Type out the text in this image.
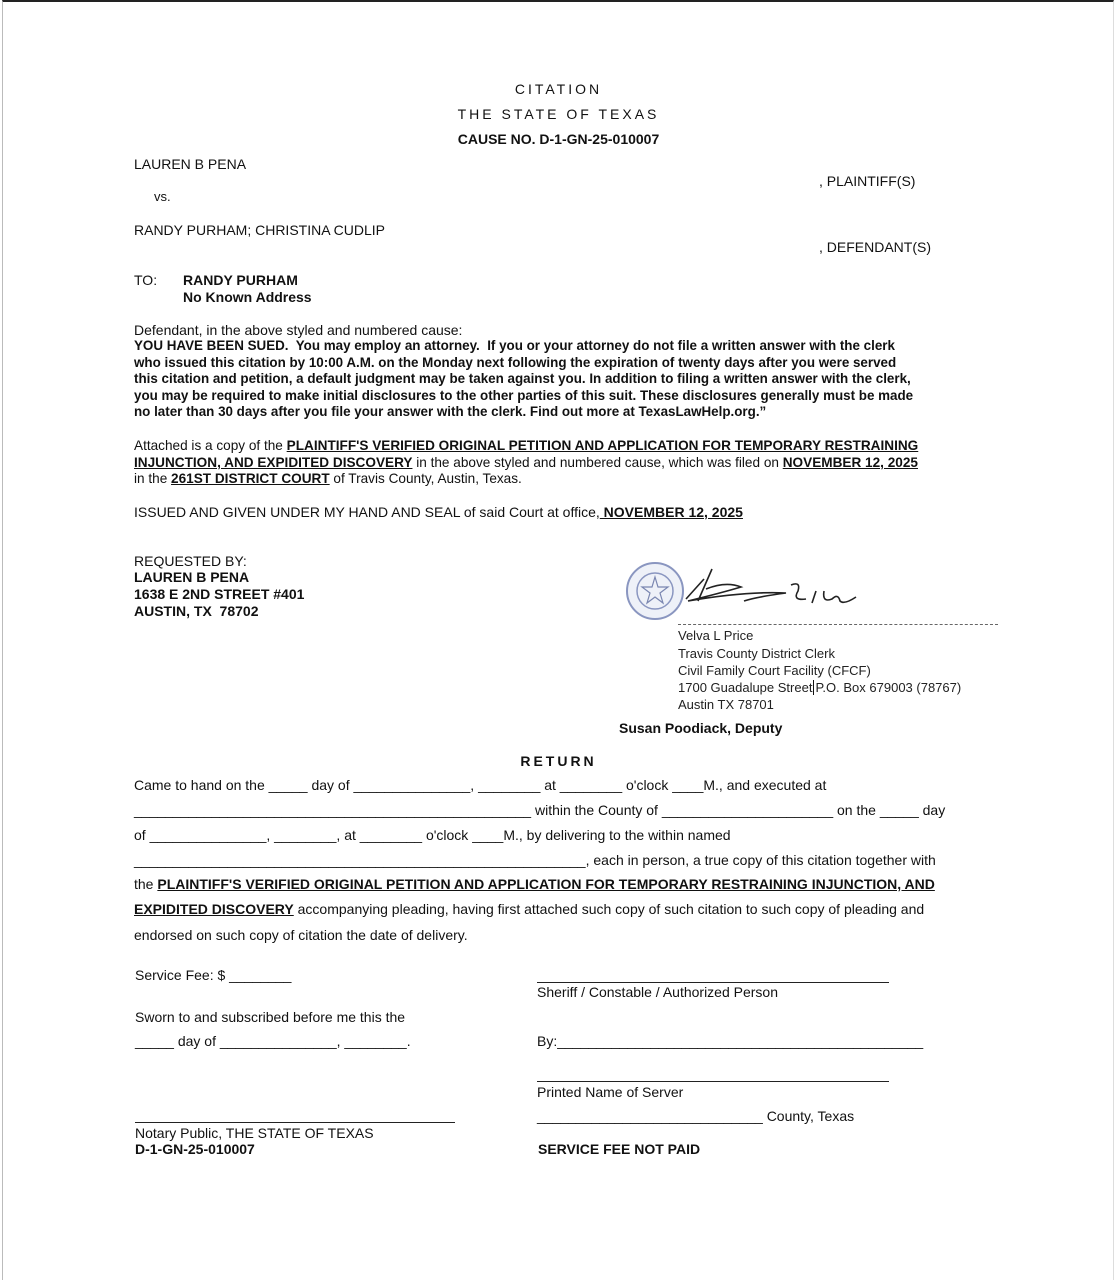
CITATION
THE STATE OF TEXAS
CAUSE NO. D-1-GN-25-010007
LAUREN B PENA
, PLAINTIFF(S)
vs.
RANDY PURHAM; CHRISTINA CUDLIP
, DEFENDANT(S)
TO: RANDY PURHAM
No Known Address
Defendant, in the above styled and numbered cause:
YOU HAVE BEEN SUED.  You may employ an attorney.  If you or your attorney do not file a written answer with the clerk
who issued this citation by 10:00 A.M. on the Monday next following the expiration of twenty days after you were served
this citation and petition, a default judgment may be taken against you. In addition to filing a written answer with the clerk,
you may be required to make initial disclosures to the other parties of this suit. These disclosures generally must be made
no later than 30 days after you file your answer with the clerk. Find out more at TexasLawHelp.org.”
Attached is a copy of the PLAINTIFF'S VERIFIED ORIGINAL PETITION AND APPLICATION FOR TEMPORARY RESTRAINING
INJUNCTION, AND EXPIDITED DISCOVERY in the above styled and numbered cause, which was filed on NOVEMBER 12, 2025
in the 261ST DISTRICT COURT of Travis County, Austin, Texas.
ISSUED AND GIVEN UNDER MY HAND AND SEAL of said Court at office, NOVEMBER 12, 2025
REQUESTED BY:
LAUREN B PENA
1638 E 2ND STREET #401
AUSTIN, TX  78702
Velva L Price
Travis County District Clerk
Civil Family Court Facility (CFCF)
1700 Guadalupe Street P.O. Box 679003 (78767)
Austin TX 78701
Susan Poodiack, Deputy
RETURN
Came to hand on the _____ day of _______________, ________ at ________ o'clock ____M., and executed at
___________________________________________________ within the County of ______________________ on the _____ day
of _______________, ________, at ________ o'clock ____M., by delivering to the within named
__________________________________________________________, each in person, a true copy of this citation together with
the PLAINTIFF'S VERIFIED ORIGINAL PETITION AND APPLICATION FOR TEMPORARY RESTRAINING INJUNCTION, AND
EXPIDITED DISCOVERY accompanying pleading, having first attached such copy of such citation to such copy of pleading and
endorsed on such copy of citation the date of delivery.
Service Fee: $ ________
Sworn to and subscribed before me this the
_____ day of _______________, ________.
Notary Public, THE STATE OF TEXAS
D-1-GN-25-010007
Sheriff / Constable / Authorized Person
By:_______________________________________________
Printed Name of Server
_____________________________ County, Texas
SERVICE FEE NOT PAID
